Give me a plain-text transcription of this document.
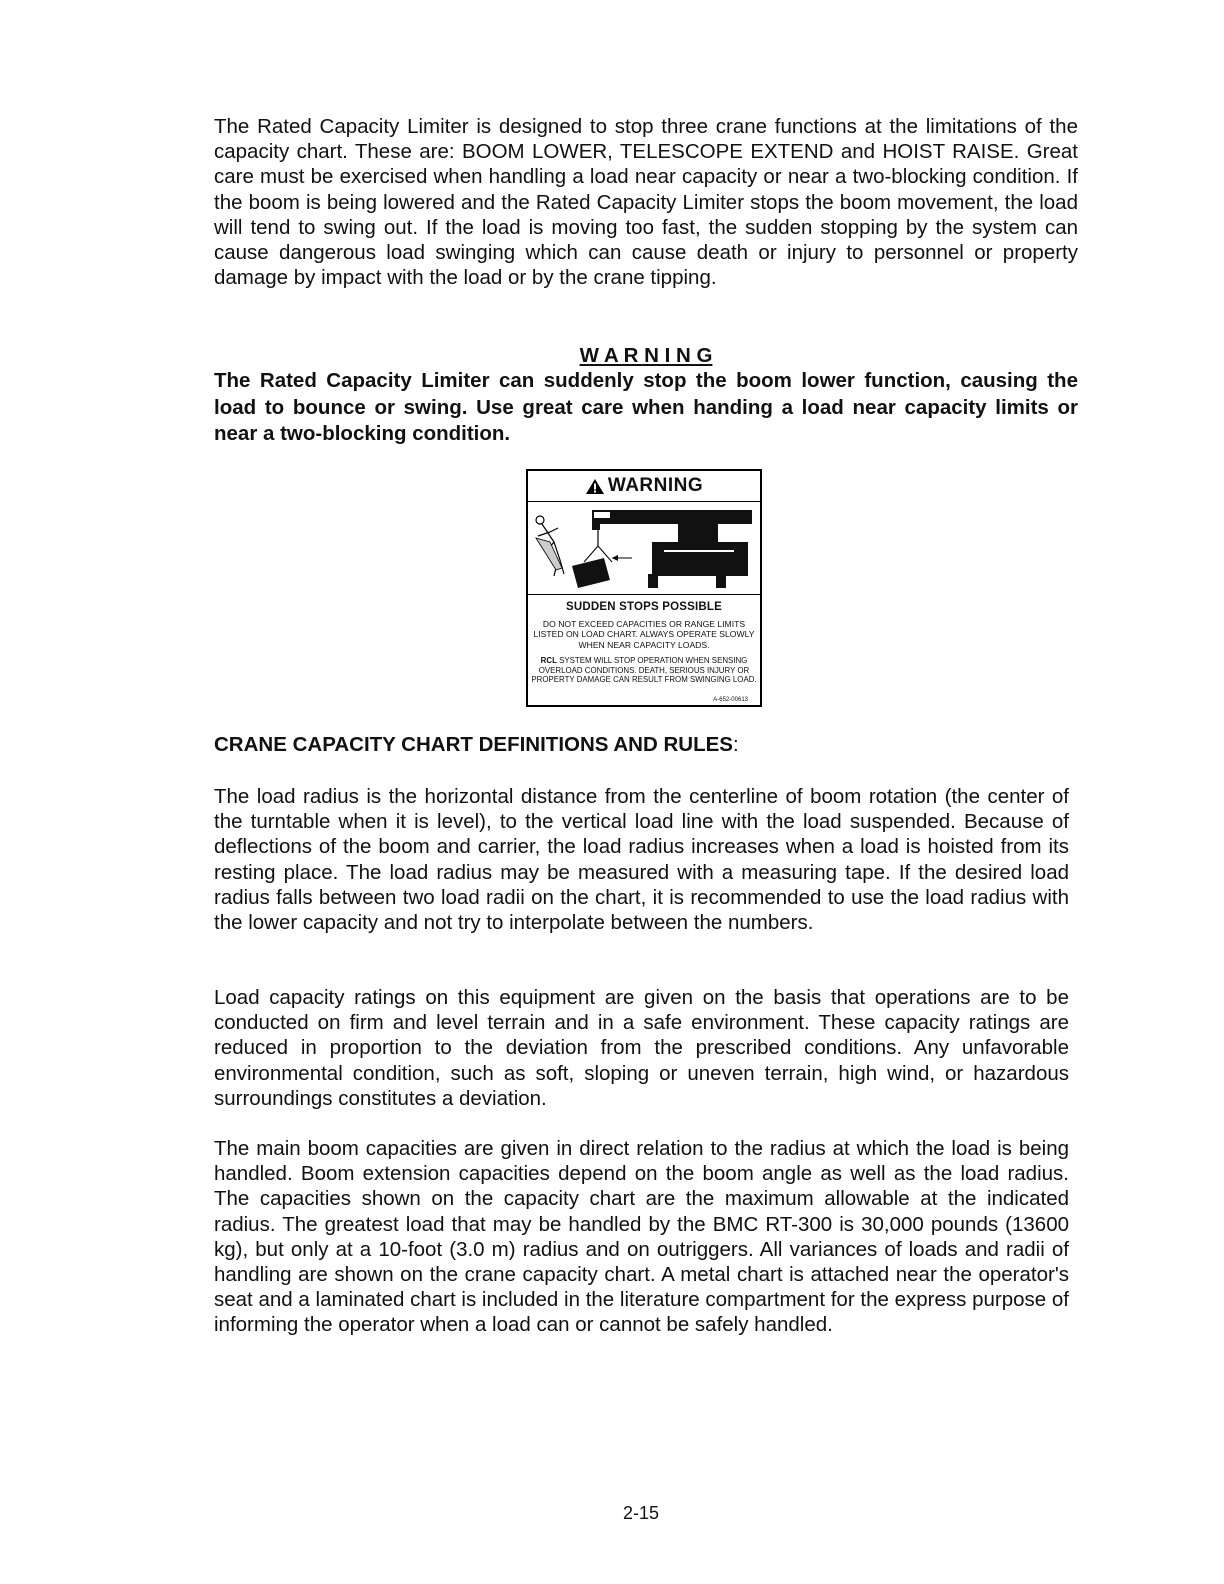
The Rated Capacity Limiter is designed to stop three crane functions at the limitations of the capacity chart. These are: BOOM LOWER, TELESCOPE EXTEND and HOIST RAISE. Great care must be exercised when handling a load near capacity or near a two-blocking condition. If the boom is being lowered and the Rated Capacity Limiter stops the boom movement, the load will tend to swing out. If the load is moving too fast, the sudden stopping by the system can cause dangerous load swinging which can cause death or injury to personnel or property damage by impact with the load or by the crane tipping.

W A R N I N G

The Rated Capacity Limiter can suddenly stop the boom lower function, causing the load to bounce or swing. Use great care when handing a load near capacity limits or near a two-blocking condition.

WARNING
SUDDEN STOPS POSSIBLE
DO NOT EXCEED CAPACITIES OR RANGE LIMITS LISTED ON LOAD CHART. ALWAYS OPERATE SLOWLY WHEN NEAR CAPACITY LOADS.
RCL SYSTEM WILL STOP OPERATION WHEN SENSING OVERLOAD CONDITIONS. DEATH, SERIOUS INJURY OR PROPERTY DAMAGE CAN RESULT FROM SWINGING LOAD.
A-652-00613

CRANE CAPACITY CHART DEFINITIONS AND RULES:

The load radius is the horizontal distance from the centerline of boom rotation (the center of the turntable when it is level), to the vertical load line with the load suspended. Because of deflections of the boom and carrier, the load radius increases when a load is hoisted from its resting place. The load radius may be measured with a measuring tape. If the desired load radius falls between two load radii on the chart, it is recommended to use the load radius with the lower capacity and not try to interpolate between the numbers.

Load capacity ratings on this equipment are given on the basis that operations are to be conducted on firm and level terrain and in a safe environment. These capacity ratings are reduced in proportion to the deviation from the prescribed conditions. Any unfavorable environmental condition, such as soft, sloping or uneven terrain, high wind, or hazardous surroundings constitutes a deviation.

The main boom capacities are given in direct relation to the radius at which the load is being handled. Boom extension capacities depend on the boom angle as well as the load radius. The capacities shown on the capacity chart are the maximum allowable at the indicated radius. The greatest load that may be handled by the BMC RT-300 is 30,000 pounds (13600 kg), but only at a 10-foot (3.0 m) radius and on outriggers. All variances of loads and radii of handling are shown on the crane capacity chart. A metal chart is attached near the operator's seat and a laminated chart is included in the literature compartment for the express purpose of informing the operator when a load can or cannot be safely handled.

2-15
